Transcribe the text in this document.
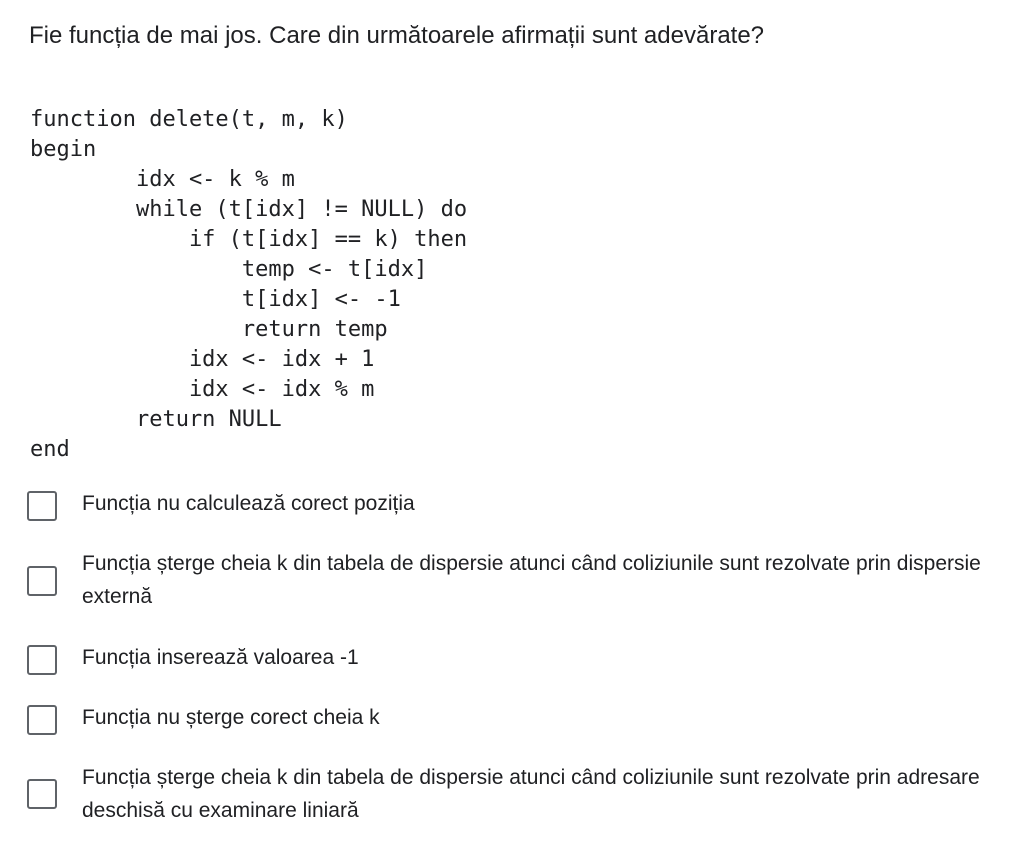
Fie funcția de mai jos. Care din următoarele afirmații sunt adevărate?
function delete(t, m, k)
begin
idx <- k % m
while (t[idx] != NULL) do
if (t[idx] == k) then
temp <- t[idx]
t[idx] <- -1
return temp
idx <- idx + 1
idx <- idx % m
return NULL
end
Funcția nu calculează corect poziția
Funcția șterge cheia k din tabela de dispersie atunci când coliziunile sunt rezolvate prin dispersie externă
Funcția inserează valoarea -1
Funcția nu șterge corect cheia k
Funcția șterge cheia k din tabela de dispersie atunci când coliziunile sunt rezolvate prin adresare deschisă cu examinare liniară
